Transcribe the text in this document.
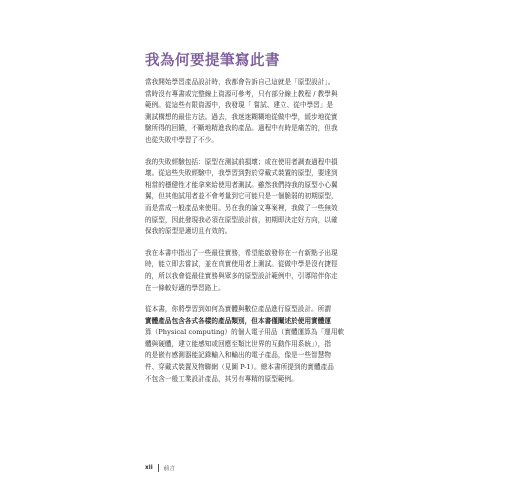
我為何要提筆寫此書

當我開始學習產品設計時，我都會告訴自己這就是「原型設計」。
當時沒有專書或完整線上資源可參考，只有部分線上教程 / 教學與
範例。從這些有限資源中，我發現「 嘗試、建立、從中學習」是
測試構想的最佳方法。過去，我迷迷糊糊地從做中學，緩步地從實
驗所得的回饋，不斷地精進我的產品。過程中有時是痛苦的，但我
也從失敗中學習了不少。

我的失敗經驗包括：原型在測試前損壞；或在使用者調查過程中損
壞。從這些失敗經驗中，我學習到對於穿戴式裝置的原型，要達到
相當的穩健性才能拿來給使用者測試。雖然我們持我的原型小心翼
翼，但其他試用者並不會考量到它可能只是一個脆弱的初期原型，
而是當成一般產品來使用。另在我的論文專案裡，我做了一些無效
的原型，因此發現我必須在原型設計前，初期即決定好方向，以確
保我的原型是適切且有效的。

我在本書中指出了一些最佳實務，希望能啟發你在一有新點子出現
時，能立即去嘗試，並在真實使用者上測試。從做中學是沒有捷徑
的，所以我會從最佳實務與眾多的原型設計範例中，引導陪伴你走
在一條較好適的學習路上。

從本書，你將學習到如何為實體與數位產品進行原型設計。所謂
實體產品包含各式各樣的產品類別，但本書僅闡述於使用實體運
算（Physical computing）的個人電子用品（實體運算為「運用軟
體與硬體，建立能感知或回應至類比世界的互動作用系統」），指
的是嵌有感測器能記錄輸入和輸出的電子產品，像是一些智慧物
件、穿戴式裝置及物聯網（見圖 P-1）。總本書所提到的實體產品
不包含一般工業設計產品，其另有專精的原型範例。

xii 前言
